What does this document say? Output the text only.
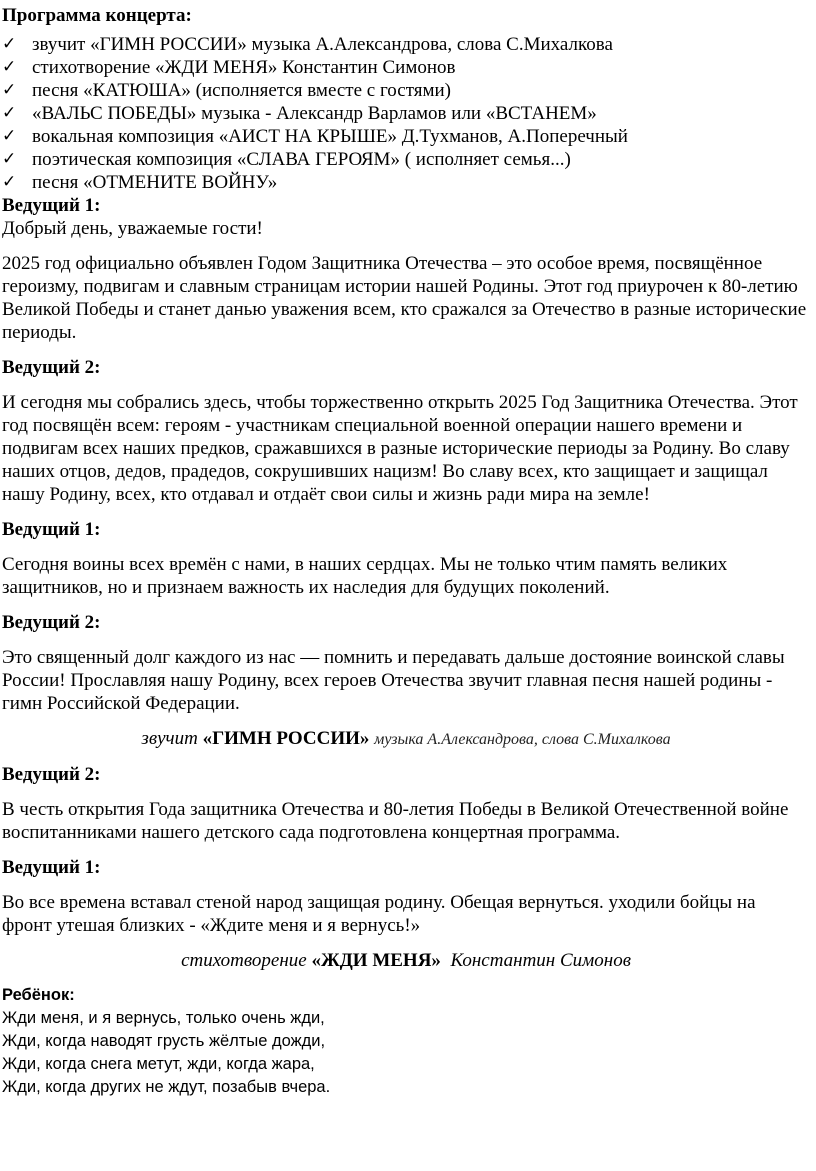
Программа концерта:
✓ звучит «ГИМН РОССИИ» музыка А.Александрова, слова С.Михалкова
✓ стихотворение «ЖДИ МЕНЯ» Константин Симонов
✓ песня «КАТЮША» (исполняется вместе с гостями)
✓ «ВАЛЬС ПОБЕДЫ» музыка - Александр Варламов или «ВСТАНЕМ»
✓ вокальная композиция «АИСТ НА КРЫШЕ» Д.Тухманов, А.Поперечный
✓ поэтическая композиция «СЛАВА ГЕРОЯМ» ( исполняет семья...)
✓ песня «ОТМЕНИТЕ ВОЙНУ»
Ведущий 1:

Добрый день, уважаемые гости!

2025 год официально объявлен Годом Защитника Отечества – это особое время, посвящённое героизму, подвигам и славным страницам истории нашей Родины. Этот год приурочен к 80-летию Великой Победы и станет данью уважения всем, кто сражался за Отечество в разные исторические периоды.

Ведущий 2:

И сегодня мы собрались здесь, чтобы торжественно открыть 2025 Год Защитника Отечества. Этот год посвящён всем: героям - участникам специальной военной операции нашего времени и подвигам всех наших предков, сражавшихся в разные исторические периоды за Родину. Во славу наших отцов, дедов, прадедов, сокрушивших нацизм! Во славу всех, кто защищает и защищал нашу Родину, всех, кто отдавал и отдаёт свои силы и жизнь ради мира на земле!

Ведущий 1:

Сегодня воины всех времён с нами, в наших сердцах. Мы не только чтим память великих защитников, но и признаем важность их наследия для будущих поколений.

Ведущий 2:

Это священный долг каждого из нас — помнить и передавать дальше достояние воинской славы России! Прославляя нашу Родину, всех героев Отечества звучит главная песня нашей родины - гимн Российской Федерации.

звучит «ГИМН РОССИИ» музыка А.Александрова, слова С.Михалкова

Ведущий 2:

В честь открытия Года защитника Отечества и 80-летия Победы в Великой Отечественной войне воспитанниками нашего детского сада подготовлена концертная программа.

Ведущий 1:

Во все времена вставал стеной народ защищая родину. Обещая вернуться. уходили бойцы на фронт утешая близких - «Ждите меня и я вернусь!»

стихотворение «ЖДИ МЕНЯ» Константин Симонов

Ребёнок:

Жди меня, и я вернусь, только очень жди,

Жди, когда наводят грусть жёлтые дожди,

Жди, когда снега метут, жди, когда жара,

Жди, когда других не ждут, позабыв вчера.
